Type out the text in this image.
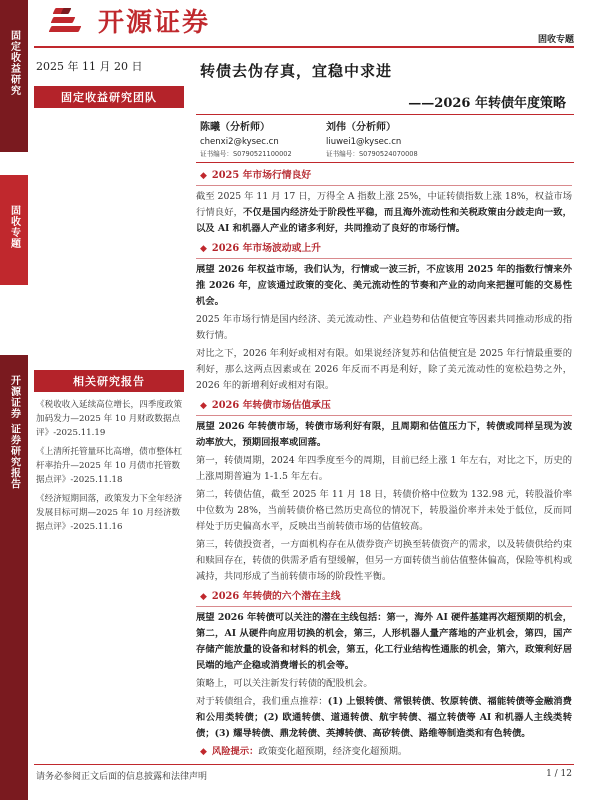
固定收益研究
固收专题
开源证券 证券研究报告
开源证券
固收专题
2025 年 11 月 20 日
固定收益研究团队
相关研究报告
《税收收入延续高位增长，四季度政策加码发力—2025 年 10 月财政数据点评》-2025.11.19
《上清所托管量环比高增，债市整体杠杆率抬升—2025 年 10 月债市托管数据点评》-2025.11.18
《经济短期回落，政策发力下全年经济发展目标可期—2025 年 10 月经济数据点评》-2025.11.16
转债去伪存真，宜稳中求进
——2026 年转债年度策略
陈曦（分析师）
chenxi2@kysec.cn
证书编号：S0790521100002
刘伟（分析师）
liuwei1@kysec.cn
证书编号：S0790524070008
◆ 2025 年市场行情良好

截至 2025 年 11 月 17 日，万得全 A 指数上涨 25%，中证转债指数上涨 18%，权益市场行情良好，不仅是国内经济处于阶段性平稳，而且海外流动性和关税政策由分歧走向一致，以及 AI 和机器人产业的诸多利好，共同推动了良好的市场行情。

◆ 2026 年市场波动或上升

展望 2026 年权益市场，我们认为，行情或一波三折，不应该用 2025 年的指数行情来外推 2026 年，应该通过政策的变化、美元流动性的节奏和产业的动向来把握可能的交易性机会。

2025 年市场行情是国内经济、美元流动性、产业趋势和估值便宜等因素共同推动形成的指数行情。

对比之下，2026 年利好或相对有限。如果说经济复苏和估值便宜是 2025 年行情最重要的利好，那么这两点因素或在 2026 年反而不再是利好，除了美元流动性的宽松趋势之外，2026 年的新增利好或相对有限。

◆ 2026 年转债市场估值承压

展望 2026 年转债市场，转债市场利好有限，且周期和估值压力下，转债或同样呈现为波动率放大，预期回报率或回落。

第一，转债周期，2024 年四季度至今的周期，目前已经上涨 1 年左右，对比之下，历史的上涨周期普遍为 1-1.5 年左右。

第二，转债估值，截至 2025 年 11 月 18 日，转债价格中位数为 132.98 元，转股溢价率中位数为 28%，当前转债价格已然历史高位的情况下，转股溢价率并未处于低位，反而同样处于历史偏高水平，反映出当前转债市场的估值较高。

第三，转债投资者，一方面机构存在从债券资产切换至转债资产的需求，以及转债供给约束和赎回存在，转债的供需矛盾有望缓解，但另一方面转债当前估值整体偏高，保险等机构或减持，共同形成了当前转债市场的阶段性平衡。

◆ 2026 年转债的六个潜在主线

展望 2026 年转债可以关注的潜在主线包括：第一，海外 AI 硬件基建再次超预期的机会，第二，AI 从硬件向应用切换的机会，第三，人形机器人量产落地的产业机会，第四，国产存储产能放量的设备和材料的机会，第五，化工行业结构性通胀的机会，第六，政策利好居民端的地产企稳或消费增长的机会等。

策略上，可以关注新发行转债的配股机会。

对于转债组合，我们重点推荐：(1) 上银转债、常银转债、牧原转债、福能转债等金融消费和公用类转债；(2) 欧通转债、道通转债、航宇转债、福立转债等 AI 和机器人主线类转债；(3) 耀导转债、鼎龙转债、英搏转债、高矽转债、路维等制造类和有色转债。

◆ 风险提示： 政策变化超预期，经济变化超预期。
请务必参阅正文后面的信息披露和法律声明	1 / 12
